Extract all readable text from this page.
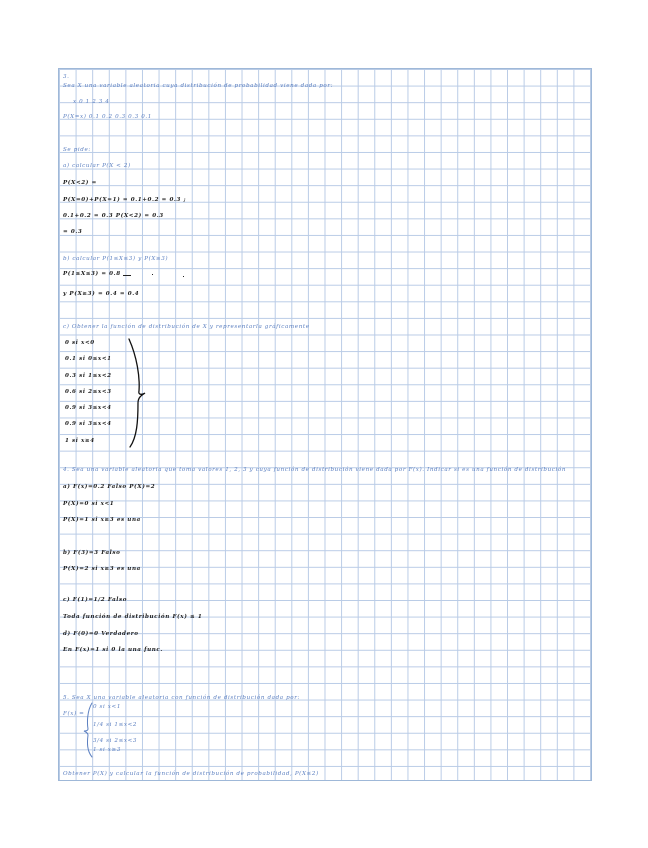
3.
Sea X una variable aleatoria cuya distribución de probabilidad viene dada por:
x 0 1 2 3 4
P(X=x) 0.1 0.2 0.3 0.3 0.1
Se pide:
a) calcular P(X < 2)
P(X<2) =
P(X=0)+P(X=1) = 0.1+0.2 = 0.3 ;
0.1+0.2 = 0.3 P(X<2) = 0.3
= 0.3
b) calcular P(1≤X≤3) y P(X≥3)
P(1≤X≤3) = 0.8
y P(X≥3) = 0.4 = 0.4
c) Obtener la función de distribución de X y representarla gráficamente
0 si x<0
0.1 si 0≤x<1
0.3 si 1≤x<2
0.6 si 2≤x<3
0.9 si 3≤x<4
0.9 si 3≤x<4
1 si x≥4
4. Sea una variable aleatoria que toma valores 1, 2, 3 y cuya función de distribución viene dada por F(x). Indicar si es una función de distribución
a) F(x)=0.2 Falso P(X)=2
P(X)=0 si x<1
P(X)=1 si x≥3 es una
b) F(3)=3 Falso
P(X)=2 si x≥3 es una
c) F(1)=1/2 Falso
Toda función de distribución F(x) ≤ 1
d) F(0)=0 Verdadero
En F(x)=1 si 0 la una func.
5. Sea X una variable aleatoria con función de distribución dada por:
F(x) =
0 si x<1
1/4 si 1≤x<2
3/4 si 2≤x<3
1 si x≥3
Obtener P(X) y calcular la función de distribución de probabilidad, P(X≤2)
